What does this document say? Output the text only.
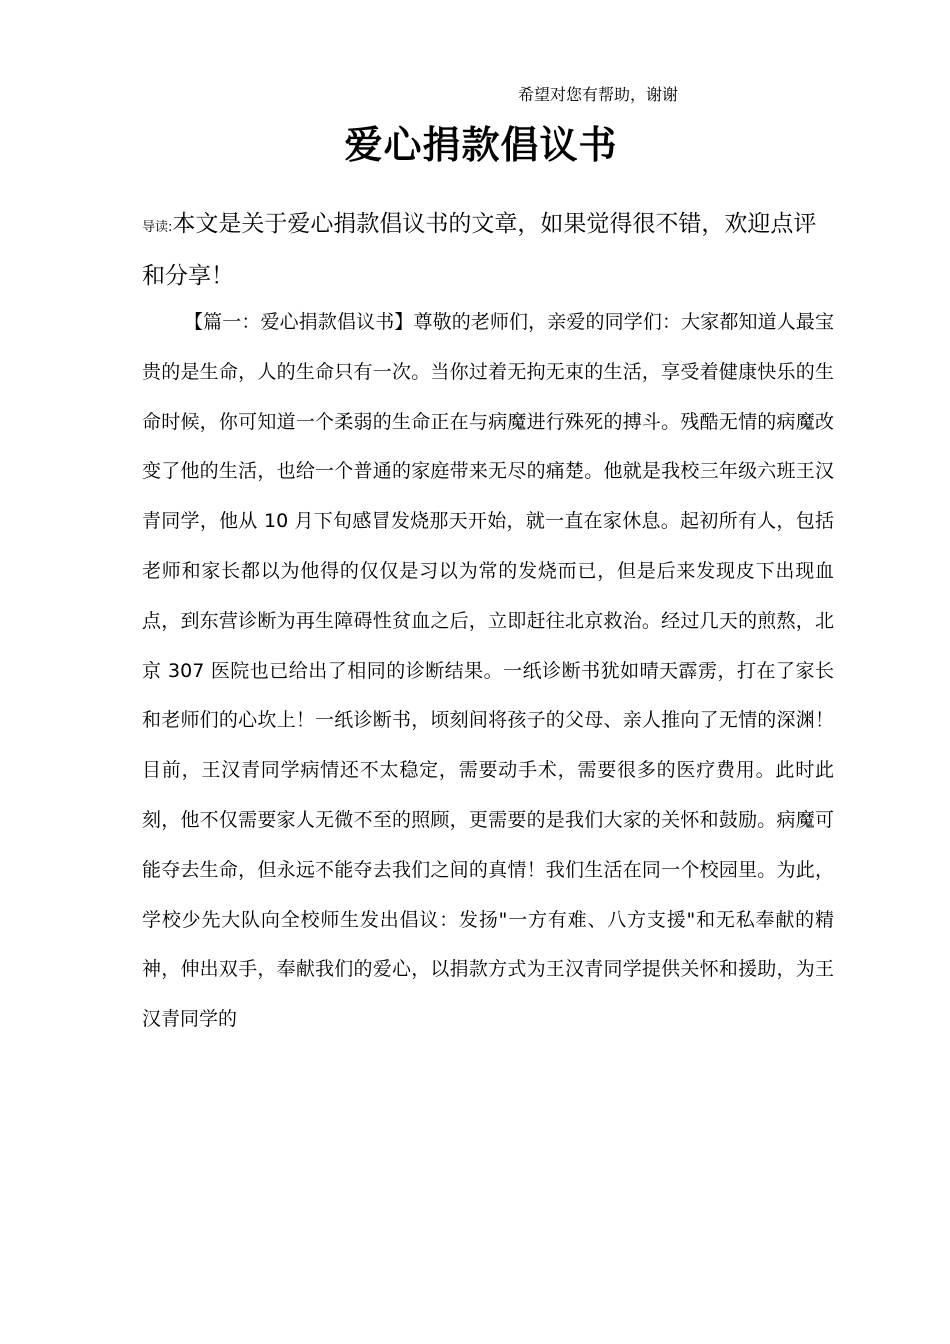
希望对您有帮助，谢谢
爱心捐款倡议书

导读:本文是关于爱心捐款倡议书的文章，如果觉得很不错，欢迎点评和分享！

【篇一：爱心捐款倡议书】尊敬的老师们，亲爱的同学们：大家都知道人最宝贵的是生命，人的生命只有一次。当你过着无拘无束的生活，享受着健康快乐的生命时候，你可知道一个柔弱的生命正在与病魔进行殊死的搏斗。残酷无情的病魔改变了他的生活，也给一个普通的家庭带来无尽的痛楚。他就是我校三年级六班王汉青同学，他从 10 月下旬感冒发烧那天开始，就一直在家休息。起初所有人，包括老师和家长都以为他得的仅仅是习以为常的发烧而已，但是后来发现皮下出现血点，到东营诊断为再生障碍性贫血之后，立即赶往北京救治。经过几天的煎熬，北京 307 医院也已给出了相同的诊断结果。一纸诊断书犹如晴天霹雳，打在了家长和老师们的心坎上！一纸诊断书，顷刻间将孩子的父母、亲人推向了无情的深渊！目前，王汉青同学病情还不太稳定，需要动手术，需要很多的医疗费用。此时此刻，他不仅需要家人无微不至的照顾，更需要的是我们大家的关怀和鼓励。病魔可能夺去生命，但永远不能夺去我们之间的真情！我们生活在同一个校园里。为此，学校少先大队向全校师生发出倡议：发扬"一方有难、八方支援"和无私奉献的精神，伸出双手，奉献我们的爱心，以捐款方式为王汉青同学提供关怀和援助，为王汉青同学的
